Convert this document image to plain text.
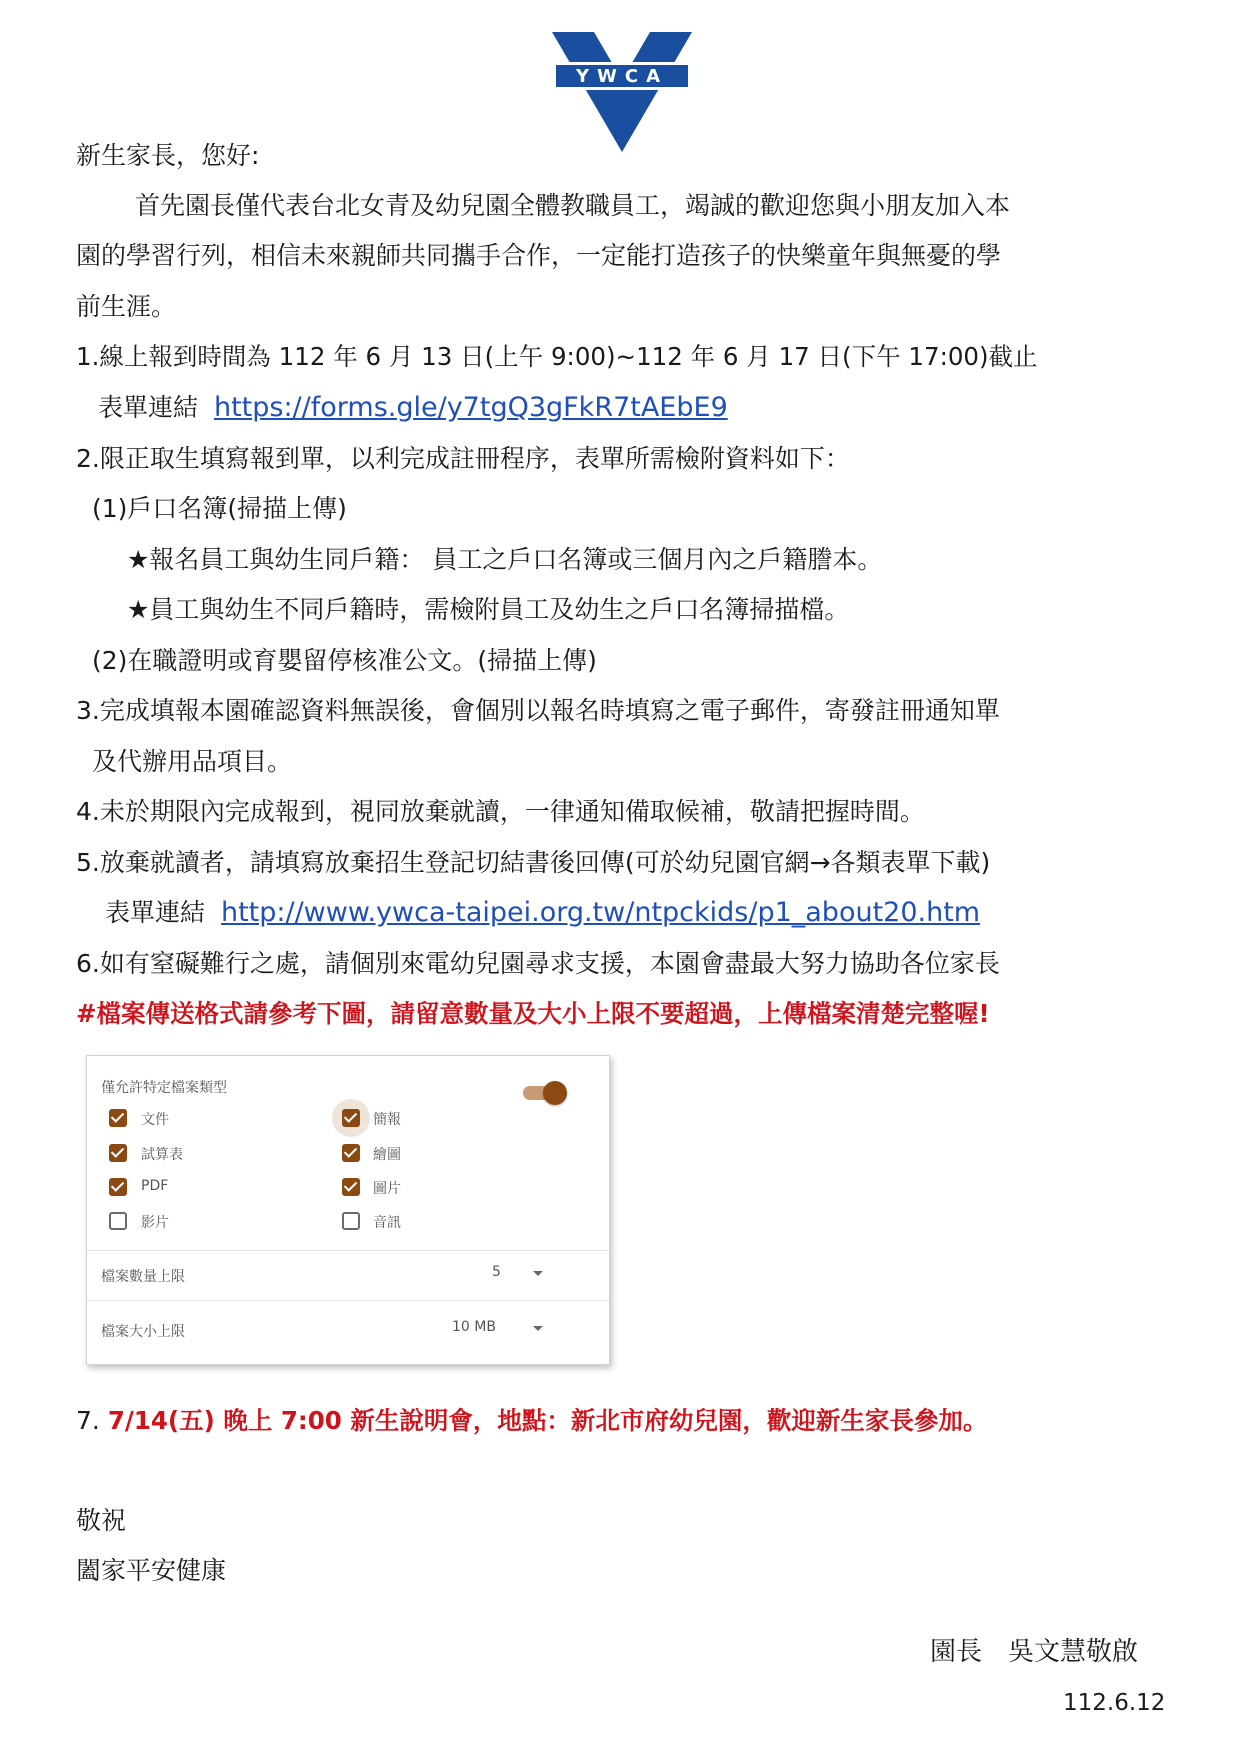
YWCA
新生家長，您好:
首先園長僅代表台北女青及幼兒園全體教職員工，竭誠的歡迎您與小朋友加入本
園的學習行列，相信未來親師共同攜手合作，一定能打造孩子的快樂童年與無憂的學
前生涯。
1.線上報到時間為 112 年 6 月 13 日(上午 9:00)~112 年 6 月 17 日(下午 17:00)截止
表單連結 https://forms.gle/y7tgQ3gFkR7tAEbE9
2.限正取生填寫報到單，以利完成註冊程序，表單所需檢附資料如下：
(1)戶口名簿(掃描上傳)
★報名員工與幼生同戶籍： 員工之戶口名簿或三個月內之戶籍謄本。
★員工與幼生不同戶籍時，需檢附員工及幼生之戶口名簿掃描檔。
(2)在職證明或育嬰留停核准公文。(掃描上傳)
3.完成填報本園確認資料無誤後，會個別以報名時填寫之電子郵件，寄發註冊通知單
及代辦用品項目。
4.未於期限內完成報到，視同放棄就讀，一律通知備取候補，敬請把握時間。
5.放棄就讀者，請填寫放棄招生登記切結書後回傳(可於幼兒園官網→各類表單下載)
表單連結 http://www.ywca-taipei.org.tw/ntpckids/p1_about20.htm
6.如有窒礙難行之處，請個別來電幼兒園尋求支援，本園會盡最大努力協助各位家長
#檔案傳送格式請參考下圖，請留意數量及大小上限不要超過，上傳檔案清楚完整喔!
僅允許特定檔案類型
文件
試算表
PDF
影片
簡報
繪圖
圖片
音訊
檔案數量上限	5
檔案大小上限	10 MB
7. 7/14(五) 晚上 7:00 新生說明會，地點：新北市府幼兒園，歡迎新生家長參加。
敬祝
闔家平安健康
園長　吳文慧敬啟
112.6.12
